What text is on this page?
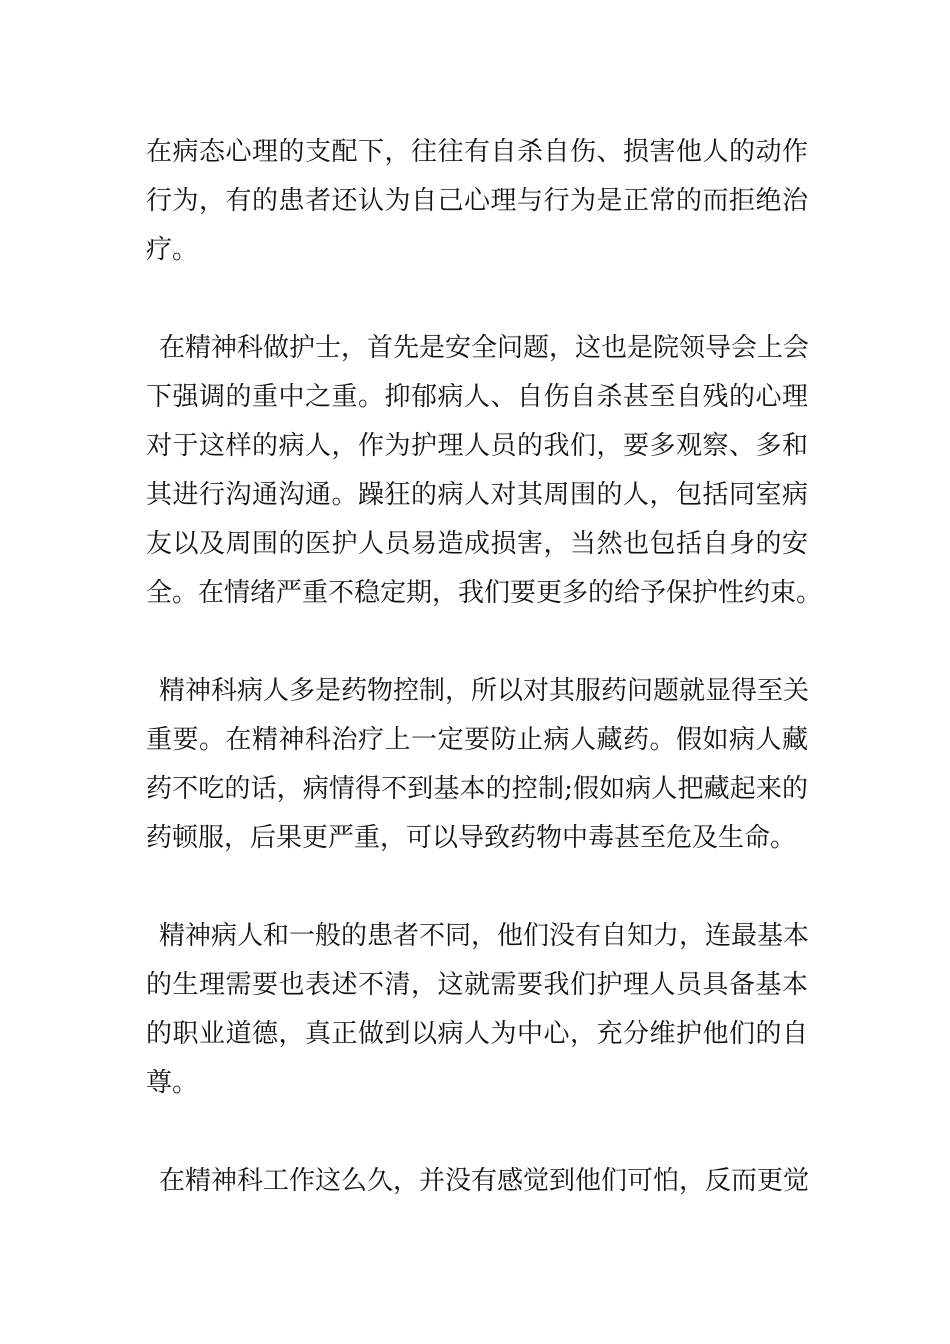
在病态心理的支配下，往往有自杀自伤、损害他人的动作
行为，有的患者还认为自己心理与行为是正常的而拒绝治
疗。

在精神科做护士，首先是安全问题，这也是院领导会上会
下强调的重中之重。抑郁病人、自伤自杀甚至自残的心理
对于这样的病人，作为护理人员的我们，要多观察、多和
其进行沟通沟通。躁狂的病人对其周围的人，包括同室病
友以及周围的医护人员易造成损害，当然也包括自身的安
全。在情绪严重不稳定期，我们要更多的给予保护性约束。

精神科病人多是药物控制，所以对其服药问题就显得至关
重要。在精神科治疗上一定要防止病人藏药。假如病人藏
药不吃的话，病情得不到基本的控制;假如病人把藏起来的
药顿服，后果更严重，可以导致药物中毒甚至危及生命。

精神病人和一般的患者不同，他们没有自知力，连最基本
的生理需要也表述不清，这就需要我们护理人员具备基本
的职业道德，真正做到以病人为中心，充分维护他们的自
尊。

在精神科工作这么久，并没有感觉到他们可怕，反而更觉
